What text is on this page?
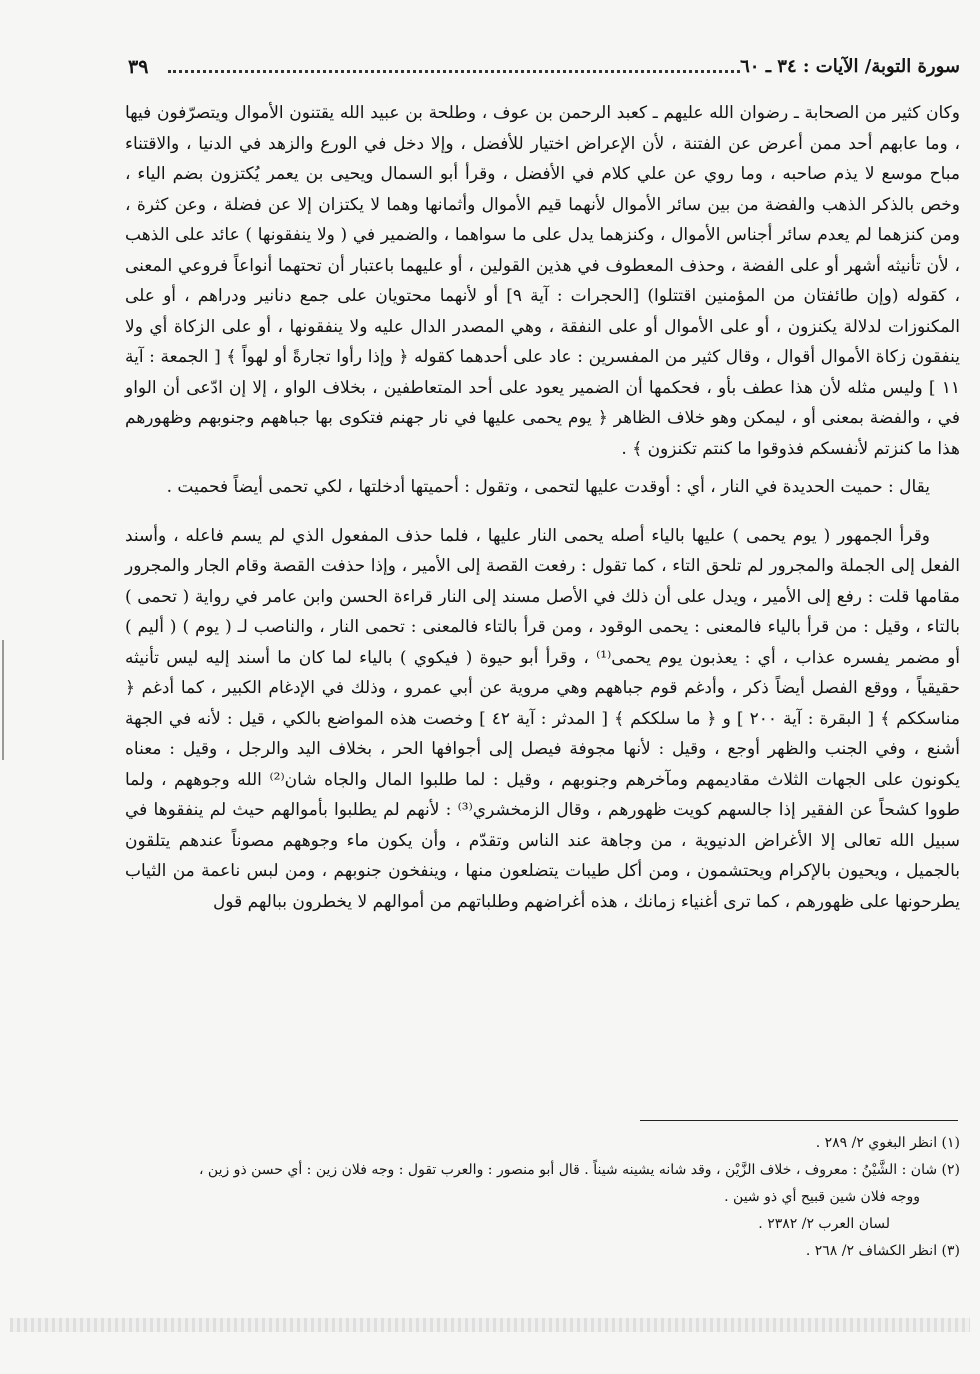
سورة التوبة/ الآيات : ٣٤ ـ ٦٠
٣٩

وكان كثير من الصحابة ـ رضوان الله عليهم ـ كعبد الرحمن بن عوف ، وطلحة بن عبيد الله يقتنون الأموال ويتصرّفون فيها ، وما عابهم أحد ممن أعرض عن الفتنة ، لأن الإعراض اختيار للأفضل ، وإلا دخل في الورع والزهد في الدنيا ، والاقتناء مباح موسع لا يذم صاحبه ، وما روي عن علي كلام في الأفضل ، وقرأ أبو السمال ويحيى بن يعمر يُكتزون بضم الياء ، وخص بالذكر الذهب والفضة من بين سائر الأموال لأنهما قيم الأموال وأثمانها وهما لا يكتزان إلا عن فضلة ، وعن كثرة ، ومن كنزهما لم يعدم سائر أجناس الأموال ، وكنزهما يدل على ما سواهما ، والضمير في ( ولا ينفقونها ) عائد على الذهب ، لأن تأنيثه أشهر أو على الفضة ، وحذف المعطوف في هذين القولين ، أو عليهما باعتبار أن تحتهما أنواعاً فروعي المعنى ، كقوله (وإن طائفتان من المؤمنين اقتتلوا) [الحجرات : آية ٩] أو لأنهما محتويان على جمع دنانير ودراهم ، أو على المكنوزات لدلالة يكنزون ، أو على الأموال أو على النفقة ، وهي المصدر الدال عليه ولا ينفقونها ، أو على الزكاة أي ولا ينفقون زكاة الأموال أقوال ، وقال كثير من المفسرين : عاد على أحدهما كقوله ﴿ وإذا رأوا تجارةً أو لهواً ﴾ [ الجمعة : آية ١١ ] وليس مثله لأن هذا عطف بأو ، فحكمها أن الضمير يعود على أحد المتعاطفين ، بخلاف الواو ، إلا إن ادّعى أن الواو في ، والفضة بمعنى أو ، ليمكن وهو خلاف الظاهر ﴿ يوم يحمى عليها في نار جهنم فتكوى بها جباههم وجنوبهم وظهورهم هذا ما كنزتم لأنفسكم فذوقوا ما كنتم تكنزون ﴾ .

يقال : حميت الحديدة في النار ، أي : أوقدت عليها لتحمى ، وتقول : أحميتها أدخلتها ، لكي تحمى أيضاً فحميت .

وقرأ الجمهور ( يوم يحمى ) عليها بالياء أصله يحمى النار عليها ، فلما حذف المفعول الذي لم يسم فاعله ، وأسند الفعل إلى الجملة والمجرور لم تلحق التاء ، كما تقول : رفعت القصة إلى الأمير ، وإذا حذفت القصة وقام الجار والمجرور مقامها قلت : رفع إلى الأمير ، ويدل على أن ذلك في الأصل مسند إلى النار قراءة الحسن وابن عامر في رواية ( تحمى ) بالتاء ، وقيل : من قرأ بالياء فالمعنى : يحمى الوقود ، ومن قرأ بالتاء فالمعنى : تحمى النار ، والناصب لـ ( يوم ) ( أليم ) أو مضمر يفسره عذاب ، أي : يعذبون يوم يحمى⁽¹⁾ ، وقرأ أبو حيوة ( فيكوي ) بالياء لما كان ما أسند إليه ليس تأنيثه حقيقياً ، ووقع الفصل أيضاً ذكر ، وأدغم قوم جباههم وهي مروية عن أبي عمرو ، وذلك في الإدغام الكبير ، كما أدغم ﴿ مناسككم ﴾ [ البقرة : آية ٢٠٠ ] و ﴿ ما سلككم ﴾ [ المدثر : آية ٤٢ ] وخصت هذه المواضع بالكي ، قيل : لأنه في الجهة أشنع ، وفي الجنب والظهر أوجع ، وقيل : لأنها مجوفة فيصل إلى أجوافها الحر ، بخلاف اليد والرجل ، وقيل : معناه يكونون على الجهات الثلاث مقاديمهم ومآخرهم وجنوبهم ، وقيل : لما طلبوا المال والجاه شان⁽²⁾ الله وجوههم ، ولما طووا كشحاً عن الفقير إذا جالسهم كويت ظهورهم ، وقال الزمخشري⁽³⁾ : لأنهم لم يطلبوا بأموالهم حيث لم ينفقوها في سبيل الله تعالى إلا الأغراض الدنيوية ، من وجاهة عند الناس وتقدّم ، وأن يكون ماء وجوههم مصوناً عندهم يتلقون بالجميل ، ويحيون بالإكرام ويحتشمون ، ومن أكل طيبات يتضلعون منها ، وينفخون جنوبهم ، ومن لبس ناعمة من الثياب يطرحونها على ظهورهم ، كما ترى أغنياء زمانك ، هذه أغراضهم وطلباتهم من أموالهم لا يخطرون ببالهم قول

(١) انظر البغوي ٢/ ٢٨٩ .

(٢) شان : الشَّيْنُ : معروف ، خلاف الزَّيْن ، وقد شانه يشينه شيناً . قال أبو منصور : والعرب تقول : وجه فلان زين : أي حسن ذو زين ،

ووجه فلان شين قبيح أي ذو شين .

لسان العرب ٢/ ٢٣٨٢ .

(٣) انظر الكشاف ٢/ ٢٦٨ .
